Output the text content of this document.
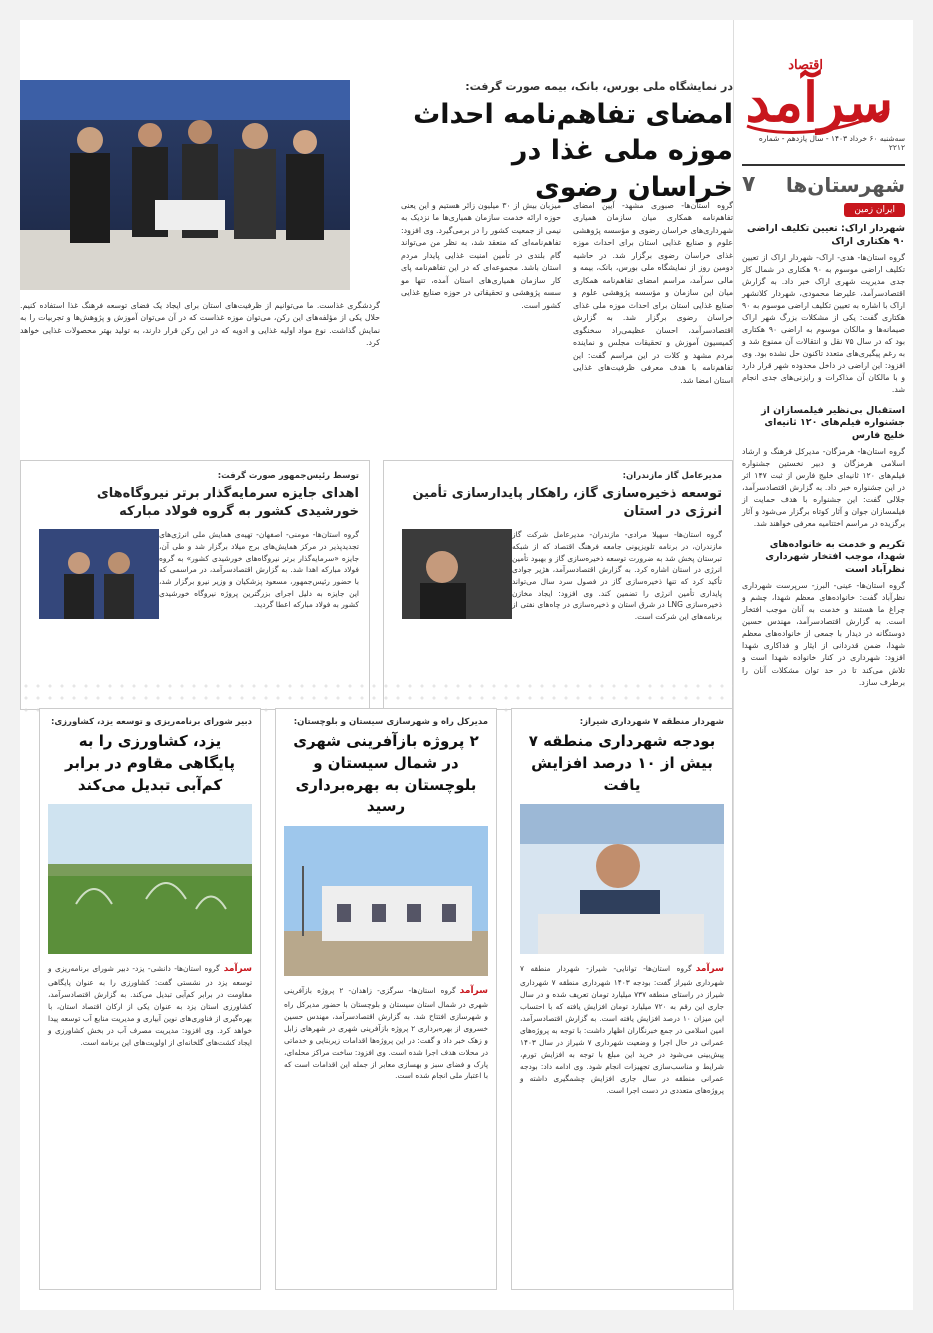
اقتصاد
سرآمد
سه‌شنبه ۶۰ خرداد ۱۴۰۳ - سال یازدهم - شماره ۲۲۱۲
شهرستان‌ها
۷
ایران زمین
شهردار اراک: تعیین تکلیف اراضی ۹۰ هکتاری اراک

گروه استان‌ها- هدی- اراک- شهردار اراک از تعیین تکلیف اراضی موسوم به ۹۰ هکتاری در شمال کار جدی مدیریت شهری اراک خبر داد. به گزارش اقتصادسرآمد، علیرضا محمودی، شهردار کلانشهر اراک با اشاره به تعیین تکلیف اراضی موسوم به ۹۰ هکتاری گفت: یکی از مشکلات بزرگ شهر اراک صیمانه‌ها و مالکان موسوم به اراضی ۹۰ هکتاری بود که در سال ۷۵ نقل و انتقالات آن ممنوع شد و به رغم پیگیری‌های متعدد تاکنون حل نشده بود. وی افزود: این اراضی در داخل محدوده شهر قرار دارد و با مالکان آن مذاکرات و رایزنی‌های جدی انجام شد.

استقبال بی‌نظیر فیلمسازان از جشنواره فیلم‌های ۱۲۰ ثانیه‌ای خلیج فارس

گروه استان‌ها- هرمزگان- مدیرکل فرهنگ و ارشاد اسلامی هرمزگان و دبیر نخستین جشنواره فیلم‌های ۱۲۰ ثانیه‌ای خلیج فارس از ثبت ۱۴۷ اثر در این جشنواره خبر داد. به گزارش اقتصادسرآمد، جلالی گفت: این جشنواره با هدف حمایت از فیلمسازان جوان و آثار کوتاه برگزار می‌شود و آثار برگزیده در مراسم اختتامیه معرفی خواهند شد.

تکریم و خدمت به خانواده‌های شهدا، موجب افتخار شهرداری نظرآباد است

گروه استان‌ها- عینی- البرز- سرپرست شهرداری نظرآباد گفت: خانواده‌های معظم شهدا، چشم و چراغ ما هستند و خدمت به آنان موجب افتخار است. به گزارش اقتصادسرآمد، مهندس حسین دوستگانه در دیدار با جمعی از خانواده‌های معظم شهدا، ضمن قدردانی از ایثار و فداکاری شهدا افزود: شهرداری در کنار خانواده شهدا است و تلاش می‌کند تا در حد توان مشکلات آنان را برطرف سازد.

در نمایشگاه ملی بورس، بانک، بیمه صورت گرفت:
امضای تفاهم‌نامه احداث موزه ملی غذا در خراسان رضوی

گروه استان‌ها- صبوری مشهد- آیین امضای تفاهم‌نامه همکاری میان سازمان همیاری شهرداری‌های خراسان رضوی و مؤسسه پژوهشی علوم و صنایع غذایی استان برای احداث موزه غذای خراسان رضوی برگزار شد. در حاشیه دومین روز از نمایشگاه ملی بورس، بانک، بیمه و مالی سرآمد، مراسم امضای تفاهم‌نامه همکاری میان این سازمان و مؤسسه پژوهشی علوم و صنایع غذایی استان برای احداث موزه ملی غذای خراسان رضوی برگزار شد. به گزارش اقتصادسرآمد، احسان عظیمی‌راد سخنگوی کمیسیون آموزش و تحقیقات مجلس و نماینده مردم مشهد و کلات در این مراسم گفت: این تفاهم‌نامه با هدف معرفی ظرفیت‌های غذایی استان امضا شد.

میزبان بیش از ۳۰ میلیون زائر هستیم و این یعنی حوزه ارائه خدمت سازمان همیاری‌ها ما نزدیک به نیمی از جمعیت کشور را در برمی‌گیرد. وی افزود: تفاهم‌نامه‌ای که منعقد شد، به نظر من می‌تواند گام بلندی در تأمین امنیت غذایی پایدار مردم استان باشد. مجموعه‌ای که در این تفاهم‌نامه پای کار سازمان همیاری‌های استان آمده، تنها مو سسه پژوهشی و تحقیقاتی در حوزه صنایع غذایی کشور است.

گردشگری غذاست. ما می‌توانیم از ظرفیت‌های استان برای ایجاد یک فضای توسعه فرهنگ غذا استفاده کنیم. حلال یکی از مؤلفه‌های این رکن، می‌توان موزه غذاست که در آن می‌توان آموزش و پژوهش‌ها و تجربیات را به نمایش گذاشت. نوع مواد اولیه غذایی و ادویه که در این رکن قرار دارند، به تولید بهتر محصولات غذایی خواهد کرد.

مدیرعامل گاز مازندران:
توسعه ذخیره‌سازی گاز، راهکار پایدارسازی تأمین انرژی در استان

گروه استان‌ها- سهیلا مرادی- مازندران- مدیرعامل شرکت گاز مازندران، در برنامه تلویزیونی جامعه فرهنگ اقتصاد که از شبکه تبرستان پخش شد به ضرورت توسعه ذخیره‌سازی گاز و بهبود تأمین انرژی در استان اشاره کرد. به گزارش اقتصادسرآمد، هژیر جوادی تأکید کرد که تنها ذخیره‌سازی گاز در فصول سرد سال می‌تواند پایداری تأمین انرژی را تضمین کند. وی افزود: ایجاد مخازن ذخیره‌سازی LNG در شرق استان و ذخیره‌سازی در چاه‌های نفتی از برنامه‌های این شرکت است.

توسط رئیس‌جمهور صورت گرفت:
اهدای جایزه سرمایه‌گذار برتر نیروگاه‌های خورشیدی کشور به گروه فولاد مبارکه

گروه استان‌ها- مومنی- اصفهان- تهیه‌ی همایش ملی انرژی‌های تجدیدپذیر در مرکز همایش‌های برج میلاد برگزار شد و طی آن، جایزه «سرمایه‌گذار برتر نیروگاه‌های خورشیدی کشور» به گروه فولاد مبارکه اهدا شد. به گزارش اقتصادسرآمد، در مراسمی که با حضور رئیس‌جمهور، مسعود پزشکیان و وزیر نیرو برگزار شد، این جایزه به دلیل اجرای بزرگترین پروژه نیروگاه خورشیدی کشور به فولاد مبارکه اعطا گردید.

شهردار منطقه ۷ شهرداری شیراز:
بودجه شهرداری منطقه ۷ بیش از ۱۰ درصد افزایش یافت

سرآمدگروه استان‌ها- توانایی- شیراز- شهردار منطقه ۷ شهرداری شیراز گفت: بودجه ۱۴۰۳ شهرداری منطقه ۷ شهرداری شیراز در راستای منطقه ۷۳۷ میلیارد تومان تعریف شده و در سال جاری این رقم به ۷۲۰ میلیارد تومان افزایش یافته که با احتساب این میزان ۱۰ درصد افزایش یافته است. به گزارش اقتصادسرآمد، امین اسلامی در جمع خبرنگاران اظهار داشت: با توجه به پروژه‌های عمرانی در حال اجرا و وضعیت شهرداری ۷ شیراز در سال ۱۴۰۳ پیش‌بینی می‌شود در خرید این مبلغ با توجه به افزایش تورم، شرایط و مناسب‌سازی تجهیزات انجام شود. وی ادامه داد: بودجه عمرانی منطقه در سال جاری افزایش چشمگیری داشته و پروژه‌های متعددی در دست اجرا است.

مدیرکل راه و شهرسازی سیستان و بلوچستان:
۲ پروژه بازآفرینی شهری در شمال سیستان و بلوچستان به بهره‌برداری رسید

سرآمدگروه استان‌ها- سرگزی- زاهدان- ۲ پروژه بازآفرینی شهری در شمال استان سیستان و بلوچستان با حضور مدیرکل راه و شهرسازی افتتاح شد. به گزارش اقتصادسرآمد، مهندس حسین خسروی از بهره‌برداری ۲ پروژه بازآفرینی شهری در شهرهای زابل و زهک خبر داد و گفت: در این پروژه‌ها اقدامات زیربنایی و خدماتی در محلات هدف اجرا شده است. وی افزود: ساخت مراکز محله‌ای، پارک و فضای سبز و بهسازی معابر از جمله این اقدامات است که با اعتبار ملی انجام شده است.

دبیر شورای برنامه‌ریزی و توسعه یزد، کشاورزی:
یزد، کشاورزی را به پایگاهی مقاوم در برابر کم‌آبی تبدیل می‌کند

سرآمدگروه استان‌ها- دانشی- یزد- دبیر شورای برنامه‌ریزی و توسعه یزد در نشستی گفت: کشاورزی را به عنوان پایگاهی مقاومت در برابر کم‌آبی تبدیل می‌کند. به گزارش اقتصادسرآمد، کشاورزی استان یزد به عنوان یکی از ارکان اقتصاد استان، با بهره‌گیری از فناوری‌های نوین آبیاری و مدیریت منابع آب توسعه پیدا خواهد کرد. وی افزود: مدیریت مصرف آب در بخش کشاورزی و ایجاد کشت‌های گلخانه‌ای از اولویت‌های این برنامه است.
